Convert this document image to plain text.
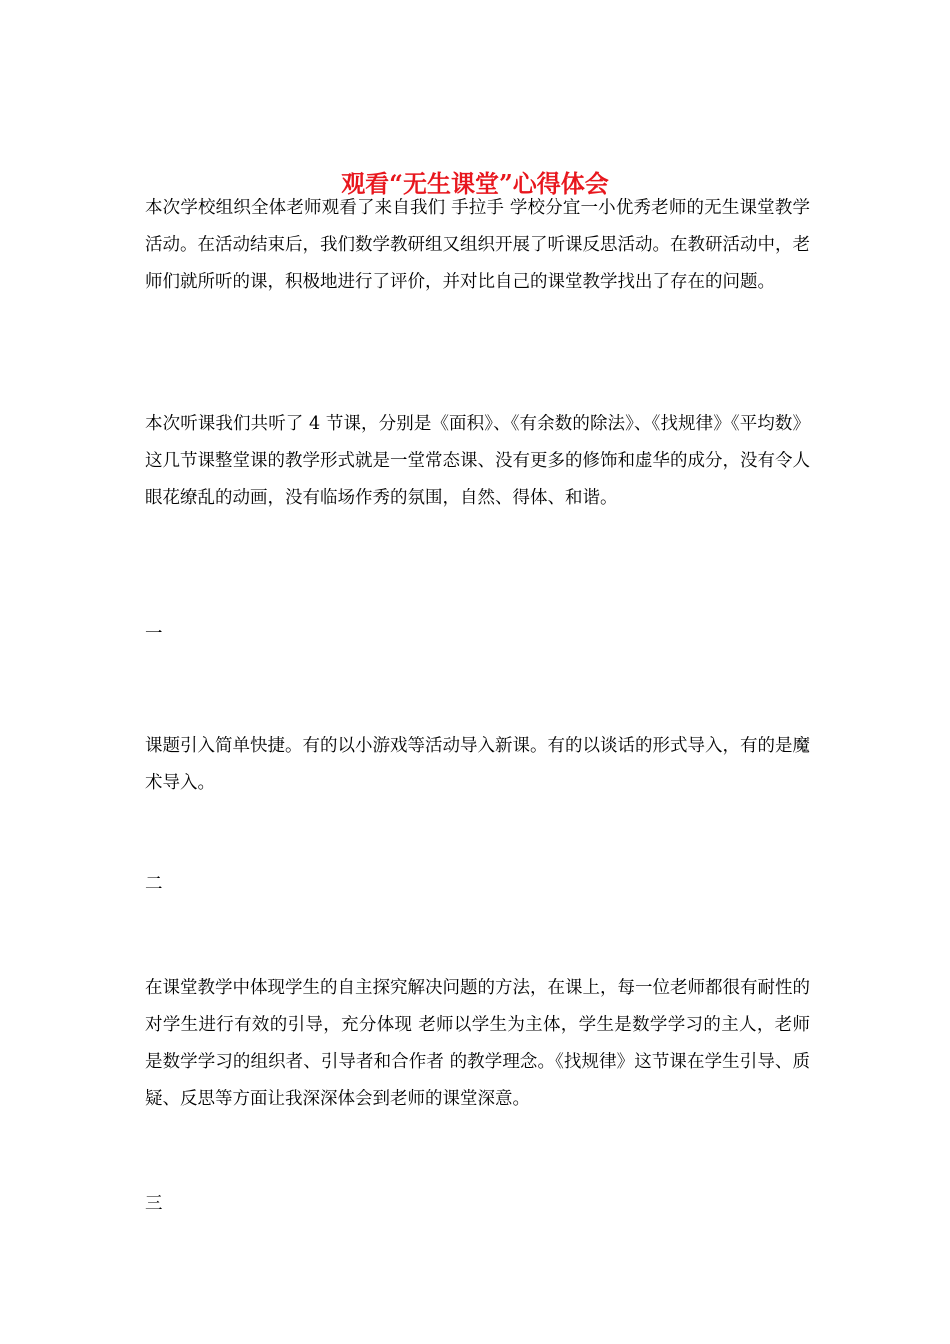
观看“无生课堂”心得体会

本次学校组织全体老师观看了来自我们 手拉手 学校分宜一小优秀老师的无生课堂教学活动。在活动结束后，我们数学教研组又组织开展了听课反思活动。在教研活动中，老师们就所听的课，积极地进行了评价，并对比自己的课堂教学找出了存在的问题。

本次听课我们共听了 4 节课，分别是《面积》、《有余数的除法》、《找规律》《平均数》这几节课整堂课的教学形式就是一堂常态课、没有更多的修饰和虚华的成分，没有令人眼花缭乱的动画，没有临场作秀的氛围，自然、得体、和谐。

一

课题引入简单快捷。有的以小游戏等活动导入新课。有的以谈话的形式导入，有的是魔术导入。

二

在课堂教学中体现学生的自主探究解决问题的方法，在课上，每一位老师都很有耐性的对学生进行有效的引导，充分体现 老师以学生为主体，学生是数学学习的主人，老师是数学学习的组织者、引导者和合作者 的教学理念。《找规律》这节课在学生引导、质疑、反思等方面让我深深体会到老师的课堂深意。

三
